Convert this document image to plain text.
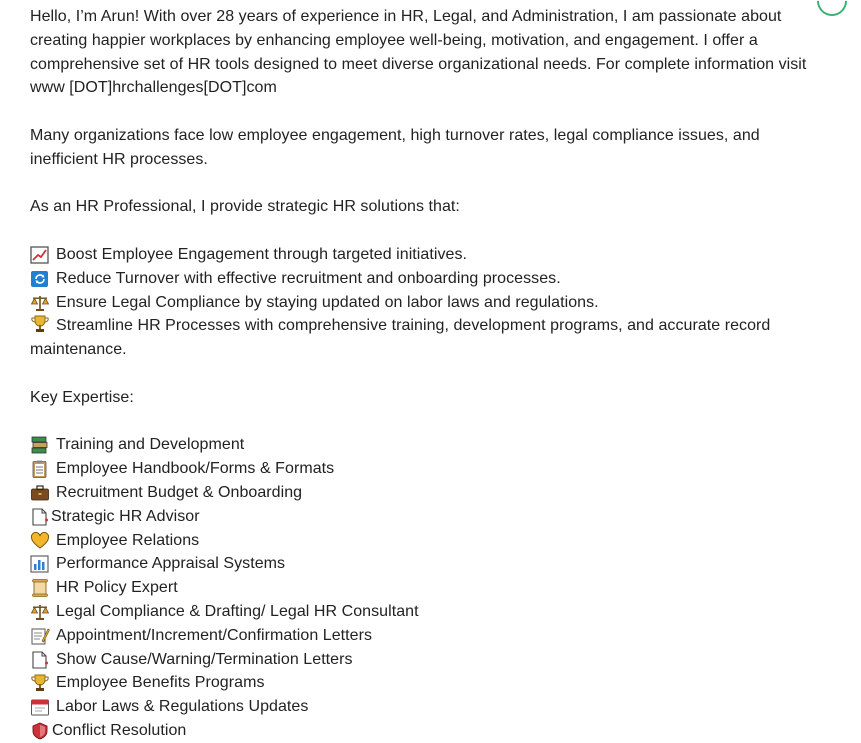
Hello, I’m Arun! With over 28 years of experience in HR, Legal, and Administration, I am passionate about creating happier workplaces by enhancing employee well-being, motivation, and engagement. I offer a comprehensive set of HR tools designed to meet diverse organizational needs. For complete information visit www [DOT]hrchallenges[DOT]com

Many organizations face low employee engagement, high turnover rates, legal compliance issues, and inefficient HR processes.

As an HR Professional, I provide strategic HR solutions that:

Boost Employee Engagement through targeted initiatives.
Reduce Turnover with effective recruitment and onboarding processes.
Ensure Legal Compliance by staying updated on labor laws and regulations.
Streamline HR Processes with comprehensive training, development programs, and accurate record maintenance.

Key Expertise:

Training and Development
Employee Handbook/Forms & Formats
Recruitment Budget & Onboarding
Strategic HR Advisor
Employee Relations
Performance Appraisal Systems
HR Policy Expert
Legal Compliance & Drafting/ Legal HR Consultant
Appointment/Increment/Confirmation Letters
Show Cause/Warning/Termination Letters
Employee Benefits Programs
Labor Laws & Regulations Updates
Conflict Resolution
